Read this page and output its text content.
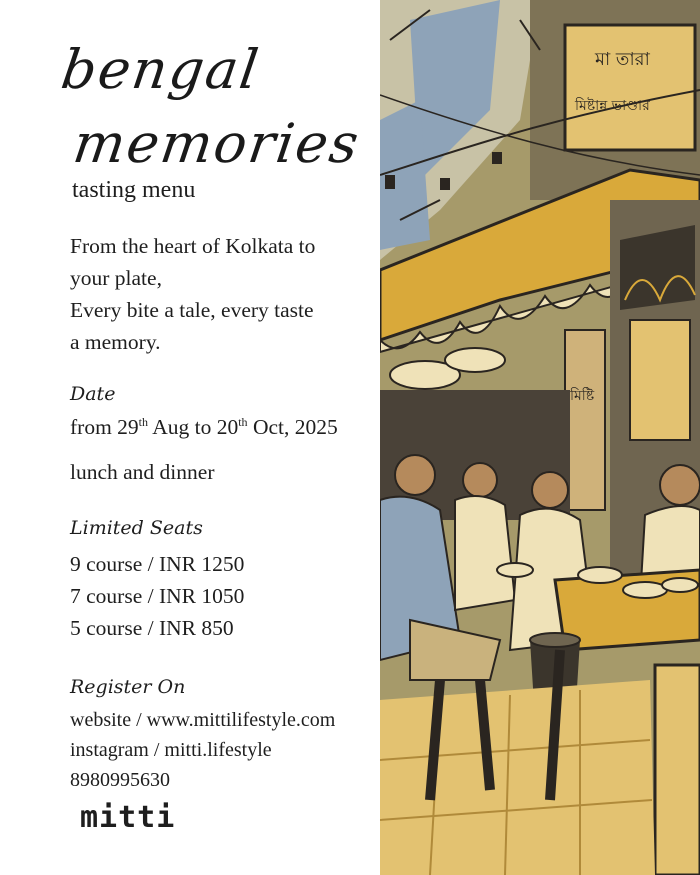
bengal
memories
tasting menu
From the heart of Kolkata to
your plate,
Every bite a tale, every taste
a memory.
Date
from 29th Aug to 20th Oct, 2025
lunch and dinner
Limited Seats
9 course / INR 1250
7 course / INR 1050
5 course / INR 850
Register On
website / www.mittilifestyle.com
instagram / mitti.lifestyle
8980995630
mitti
মা তারা
মিষ্টান্ন ভাণ্ডার
মিষ্টি
